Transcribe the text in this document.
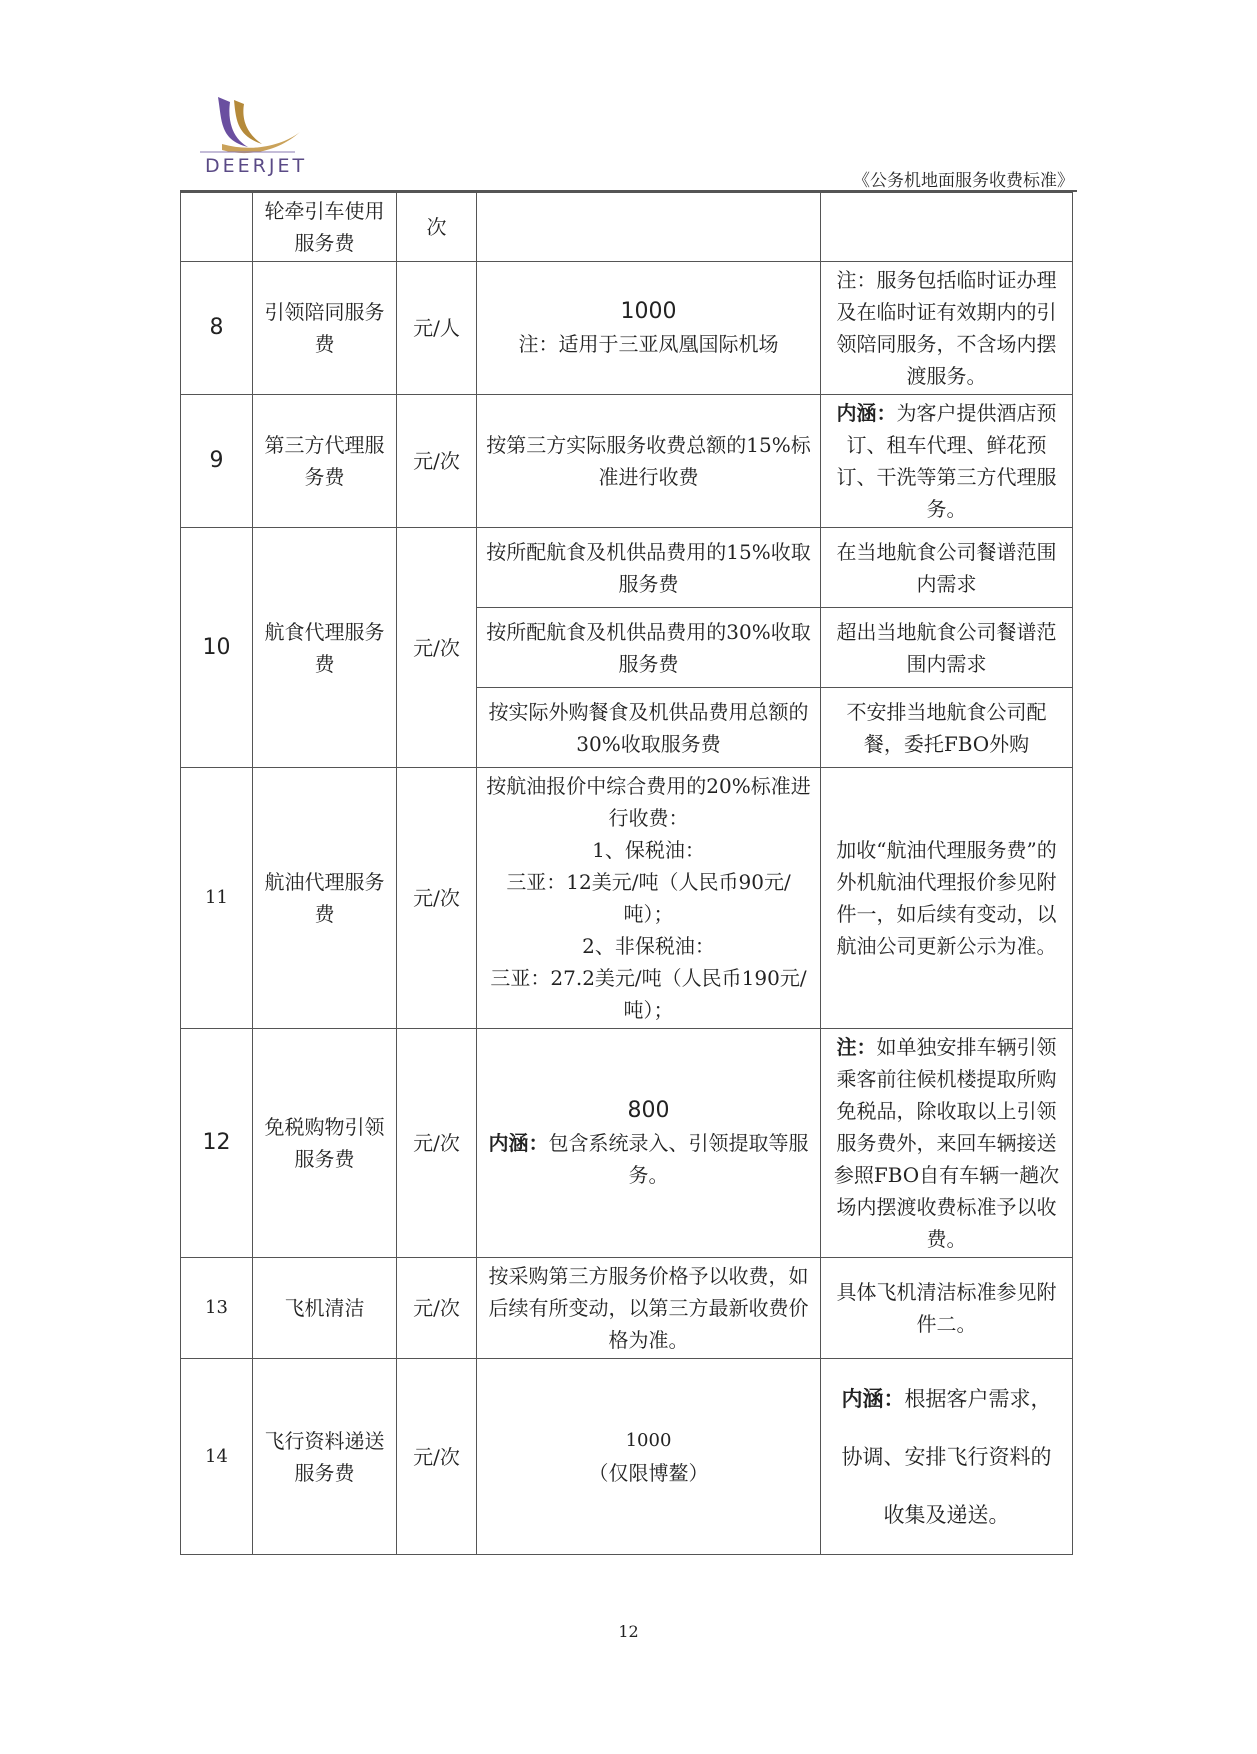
DEERJET
《公务机地面服务收费标准》
	轮牵引车使用服务费	次		
8	引领陪同服务费	元/人	1000
注：适用于三亚凤凰国际机场	注：服务包括临时证办理及在临时证有效期内的引领陪同服务，不含场内摆渡服务。
9	第三方代理服务费	元/次	按第三方实际服务收费总额的15%标准进行收费	内涵：为客户提供酒店预订、租车代理、鲜花预订、干洗等第三方代理服务。
10	航食代理服务费	元/次	按所配航食及机供品费用的15%收取服务费	在当地航食公司餐谱范围内需求
			按所配航食及机供品费用的30%收取服务费	超出当地航食公司餐谱范围内需求
			按实际外购餐食及机供品费用总额的30%收取服务费	不安排当地航食公司配餐，委托FBO外购
11	航油代理服务费	元/次	按航油报价中综合费用的20%标准进行收费：
1、保税油：
三亚：12美元/吨（人民币90元/吨）；
2、非保税油：
三亚：27.2美元/吨（人民币190元/吨）；	加收“航油代理服务费”的外机航油代理报价参见附件一，如后续有变动，以航油公司更新公示为准。
12	免税购物引领服务费	元/次	800
内涵：包含系统录入、引领提取等服务。	注：如单独安排车辆引领乘客前往候机楼提取所购免税品，除收取以上引领服务费外，来回车辆接送参照FBO自有车辆一趟次场内摆渡收费标准予以收费。
13	飞机清洁	元/次	按采购第三方服务价格予以收费，如后续有所变动，以第三方最新收费价格为准。	具体飞机清洁标准参见附件二。
14	飞行资料递送服务费	元/次	1000
（仅限博鳌）	内涵：根据客户需求，
协调、安排飞行资料的
收集及递送。
12
